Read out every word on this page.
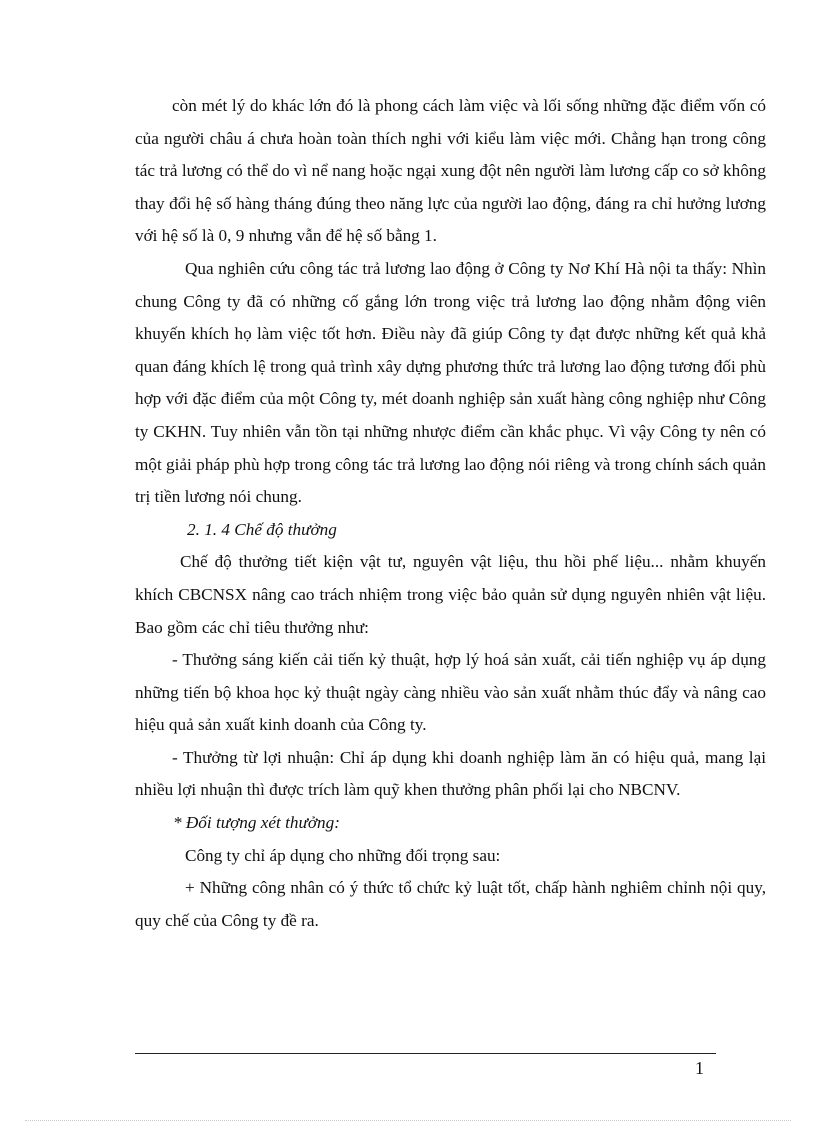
còn mét lý do khác lớn đó là phong cách làm việc và lối sống những đặc điểm vốn có của người châu á chưa hoàn toàn thích nghi với kiểu làm việc mới. Chẳng hạn trong công tác trả lương có thể do vì nể nang hoặc ngại xung đột nên người làm lương cấp co sở không thay đổi hệ số hàng tháng đúng theo năng lực của người lao động, đáng ra chỉ hưởng lương với hệ số là 0, 9 nhưng vẫn để hệ số bằng 1.

Qua nghiên cứu công tác trả lương lao động ở Công ty Nơ Khí Hà nội ta thấy: Nhìn chung Công ty đã có những cố gắng lớn trong việc trả lương lao động nhằm động viên khuyến khích họ làm việc tốt hơn. Điều này đã giúp Công ty đạt được những kết quả khả quan đáng khích lệ trong quả trình xây dựng phương thức trả lương lao động tương đối phù hợp với đặc điểm của một Công ty, mét doanh nghiệp sản xuất hàng công nghiệp như Công ty CKHN. Tuy nhiên vẫn tồn tại những nhược điểm cần khắc phục. Vì vậy Công ty nên có một giải pháp phù hợp trong công tác trả lương lao động nói riêng và trong chính sách quản trị tiền lương nói chung.

2. 1. 4 Chế độ thưởng

Chế độ thưởng tiết kiện vật tư, nguyên vật liệu, thu hồi phế liệu... nhằm khuyến khích CBCNSX nâng cao trách nhiệm trong việc bảo quản sử dụng nguyên nhiên vật liệu. Bao gồm các chỉ tiêu thưởng như:

- Thưởng sáng kiến cải tiến kỷ thuật, hợp lý hoá sản xuất, cải tiến nghiệp vụ áp dụng những tiến bộ khoa học kỷ thuật ngày càng nhiều vào sản xuất nhằm thúc đẩy và nâng cao hiệu quả sản xuất kinh doanh của Công ty.

- Thưởng từ lợi nhuận: Chỉ áp dụng khi doanh nghiệp làm ăn có hiệu quả, mang lại nhiều lợi nhuận thì được trích làm quỹ khen thưởng phân phối lại cho NBCNV.

* Đối tượng xét thưởng:

Công ty chỉ áp dụng cho những đối trọng sau:

+ Những công nhân có ý thức tổ chức kỷ luật tốt, chấp hành nghiêm chỉnh nội quy, quy chế của Công ty đề ra.

1
